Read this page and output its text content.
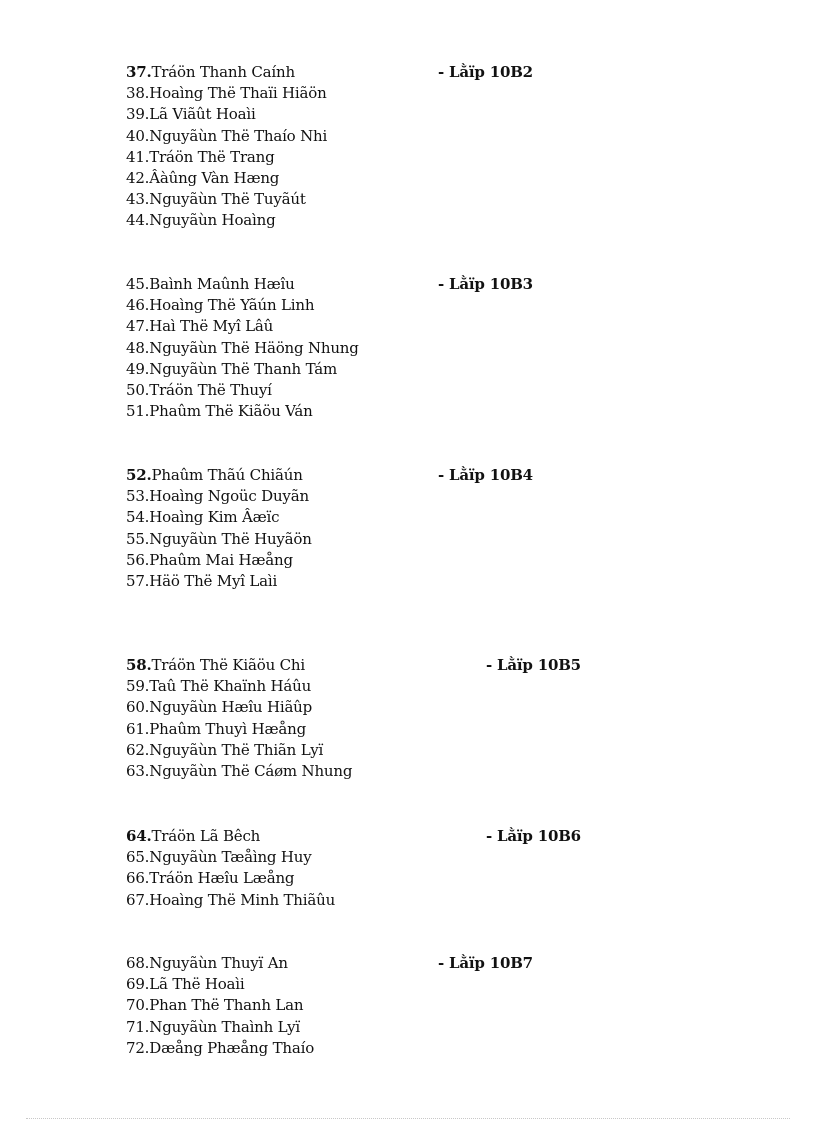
37.Tráön Thanh Caính	- Lằïp 10B2
38.Hoaìng Thë Thaïi Hiãön
39.Lã Viãût Hoaìi
40.Nguyãùn Thë Thaío Nhi
41.Tráön Thë Trang
42.Âàûng Vàn Hæng
43.Nguyãùn Thë Tuyãút
44.Nguyãùn Hoaìng
45.Baình Maûnh Hæîu	- Lằïp 10B3
46.Hoaìng Thë Yãún Linh
47.Haì Thë Myî Lâû
48.Nguyãùn Thë Häöng Nhung
49.Nguyãùn Thë Thanh Tám
50.Tráön Thë Thuyí
51.Phaûm Thë Kiãöu Ván
52.Phaûm Thãú Chiãún	- Lằïp 10B4
53.Hoaìng Ngoüc Duyãn
54.Hoaìng Kim Âæïc
55.Nguyãùn Thë Huyãön
56.Phaûm Mai Hæång
57.Häö Thë Myî Laìi
58.Tráön Thë Kiãöu Chi	- Lằïp 10B5
59.Taû Thë Khaïnh Háûu
60.Nguyãùn Hæîu Hiãûp
61.Phaûm Thuyì Hæång
62.Nguyãùn Thë Thiãn Lyï
63.Nguyãùn Thë Cáøm Nhung
64.Tráön Lã Bêch	- Lằïp 10B6
65.Nguyãùn Tæåìng Huy
66.Tráön Hæîu Læång
67.Hoaìng Thë Minh Thiãûu
68.Nguyãùn Thuyï An	- Lằïp 10B7
69.Lã Thë Hoaìi
70.Phan Thë Thanh Lan
71.Nguyãùn Thaình Lyï
72.Dæång Phæång Thaío
